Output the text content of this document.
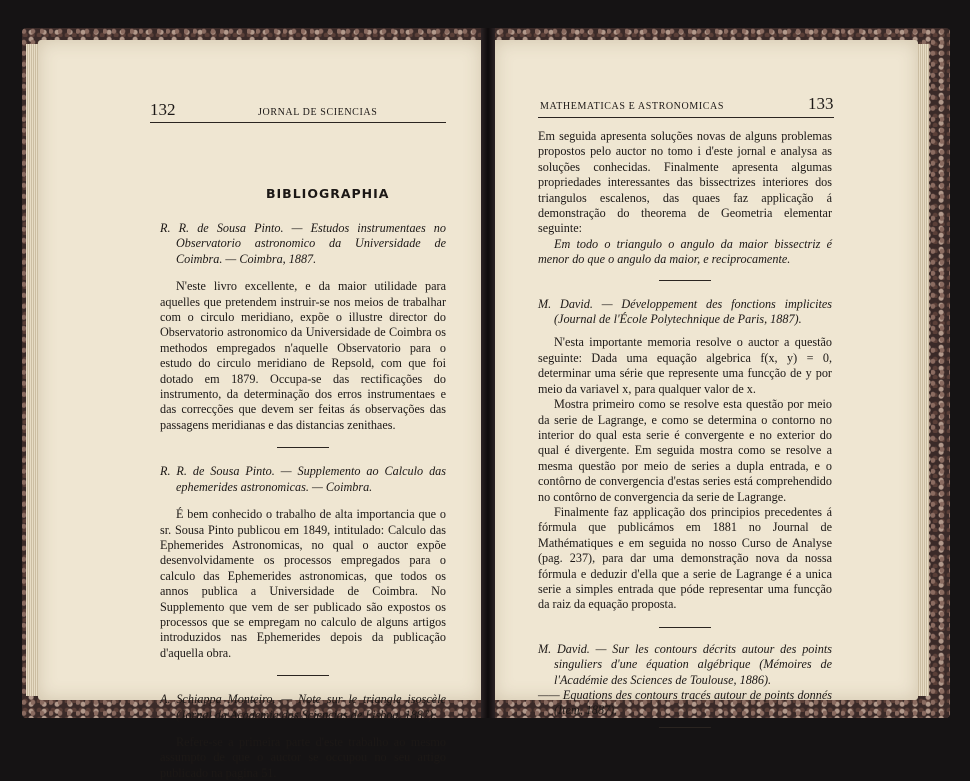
132	JORNAL DE SCIENCIAS
BIBLIOGRAPHIA

R. R. de Sousa Pinto. — Estudos instrumentaes no Observatorio astronomico da Universidade de Coimbra. — Coimbra, 1887.

N'este livro excellente, e da maior utilidade para aquelles que pretendem instruir-se nos meios de trabalhar com o circulo meridiano, expõe o illustre director do Observatorio astronomico da Universidade de Coimbra os methodos empregados n'aquelle Observatorio para o estudo do circulo meridiano de Repsold, com que foi dotado em 1879. Occupa-se das rectificações do instrumento, da determinação dos erros instrumentaes e das correcções que devem ser feitas ás observações das passagens meridianas e das distancias zenithaes.

R. R. de Sousa Pinto. — Supplemento ao Calculo das ephemerides astronomicas. — Coimbra.

É bem conhecido o trabalho de alta importancia que o sr. Sousa Pinto publicou em 1849, intitulado: Calculo das Ephemerides Astronomicas, no qual o auctor expõe desenvolvidamente os processos empregados para o calculo das Ephemerides astronomicas, que todos os annos publica a Universidade de Coimbra. No Supplemento que vem de ser publicado são expostos os processos que se empregam no calculo de alguns artigos introduzidos nas Ephemerides depois da publicação d'aquella obra.

A. Schiappa Monteiro. — Note sur le triangle isoscèle (Jornal da Academia das Sciencias de Lisboa, 1887).

Refere-se a primeira parte d'este trabalho ao mesmo assumpto de que o auctor se occupou no seu artigo publicado na pagina 51.

MATHEMATICAS E ASTRONOMICAS	133

Em seguida apresenta soluções novas de alguns problemas propostos pelo auctor no tomo i d'este jornal e analysa as soluções conhecidas. Finalmente apresenta algumas propriedades interessantes das bissectrizes interiores dos triangulos escalenos, das quaes faz applicação á demonstração do theorema de Geometria elementar seguinte:

Em todo o triangulo o angulo da maior bissectriz é menor do que o angulo da maior, e reciprocamente.

M. David. — Développement des fonctions implicites (Journal de l'École Polytechnique de Paris, 1887).

N'esta importante memoria resolve o auctor a questão seguinte: Dada uma equação algebrica f(x, y) = 0, determinar uma série que represente uma funcção de y por meio da variavel x, para qualquer valor de x.

Mostra primeiro como se resolve esta questão por meio da serie de Lagrange, e como se determina o contorno no interior do qual esta serie é convergente e no exterior do qual é divergente. Em seguida mostra como se resolve a mesma questão por meio de series a dupla entrada, e o contôrno de convergencia d'estas series está comprehendido no contôrno de convergencia da serie de Lagrange.

Finalmente faz applicação dos principios precedentes á fórmula que publicámos em 1881 no Journal de Mathématiques e em seguida no nosso Curso de Analyse (pag. 237), para dar uma demonstração nova da nossa fórmula e deduzir d'ella que a serie de Lagrange é a unica serie a simples entrada que póde representar uma funcção da raiz da equação proposta.

M. David. — Sur les contours décrits autour des points singuliers d'une équation algébrique (Mémoires de l'Académie des Sciences de Toulouse, 1886).

—— Equations des contours tracés autour de points donnés (Item, 1887).
